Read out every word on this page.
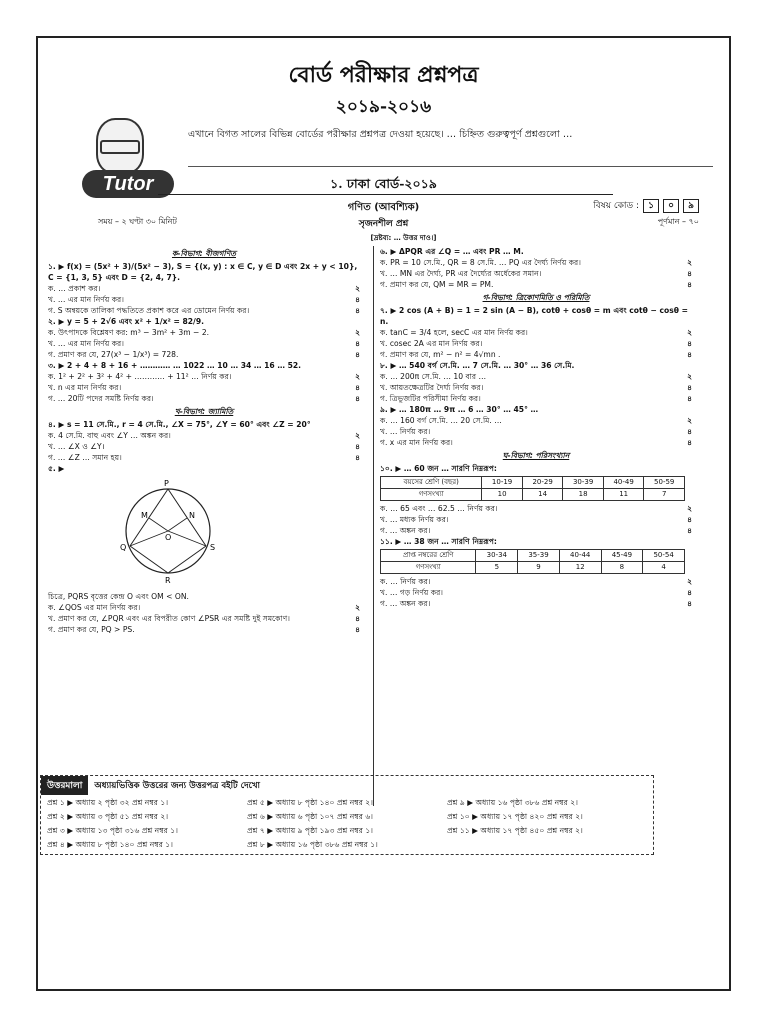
বোর্ড পরীক্ষার প্রশ্নপত্র
২০১৯-২০১৬
Tutor
এখানে বিগত সালের বিভিন্ন বোর্ডের পরীক্ষার প্রশ্নপত্র দেওয়া হয়েছে। … চিহ্নিত গুরুত্বপূর্ণ প্রশ্নগুলো …
১. ঢাকা বোর্ড-২০১৯
গণিত (আবশ্যিক)	বিষয় কোড :	১	০	৯
সময় – ২ ঘণ্টা ৩০ মিনিট	সৃজনশীল প্রশ্ন	পূর্ণমান – ৭০
[দ্রষ্টব্য: … উত্তর দাও।]
ক-বিভাগ: বীজগণিত
১. ▶ f(x) = (5x² + 3)/(5x² − 3), S = {(x, y) : x ∈ C, y ∈ D এবং 2x + y < 10}, C = {1, 3, 5} এবং D = {2, 4, 7}.
ক. … প্রকাশ কর।	২
খ. … এর মান নির্ণয় কর।	৪
গ. S অন্বয়কে তালিকা পদ্ধতিতে প্রকাশ করে এর ডোমেন নির্ণয় কর।	৪
২. ▶ y = 5 + 2√6 এবং x² + 1/x² = 82/9.
ক. উৎপাদকে বিশ্লেষণ কর: m³ − 3m² + 3m − 2.	২
খ. … এর মান নির্ণয় কর।	৪
গ. প্রমাণ কর যে, 27(x³ − 1/x³) = 728.	৪
৩. ▶ 2 + 4 + 8 + 16 + ………… … 1022 … 10 … 34 … 16 … 52.
ক. 1² + 2² + 3² + 4² + ………… + 11² … নির্ণয় কর।	২
খ. n এর মান নির্ণয় কর।	৪
গ. … 20টি পদের সমষ্টি নির্ণয় কর।	৪
খ-বিভাগ: জ্যামিতি
৪. ▶ s = 11 সে.মি., r = 4 সে.মি., ∠X = 75°, ∠Y = 60° এবং ∠Z = 20°
ক. 4 সে.মি. বাহু এবং ∠Y … অঙ্কন কর।	২
খ. … ∠X ও ∠Y।	৪
গ. … ∠Z … সমান হয়।	৪
৫. ▶
P
Q
R
S
M	N
O
চিত্রে, PQRS বৃত্তের কেন্দ্র O এবং OM < ON.
ক. ∠QOS এর মান নির্ণয় কর।	২
খ. প্রমাণ কর যে, ∠PQR এবং এর বিপরীত কোণ ∠PSR এর সমষ্টি দুই সমকোণ।	৪
গ. প্রমাণ কর যে, PQ > PS.	৪
৬. ▶ ΔPQR এর ∠Q = … এবং PR … M.
ক. PR = 10 সে.মি., QR = 8 সে.মি. … PQ এর দৈর্ঘ্য নির্ণয় কর।	২
খ. … MN এর দৈর্ঘ্য, PR এর দৈর্ঘ্যের অর্ধেকের সমান।	৪
গ. প্রমাণ কর যে, QM = MR = PM.	৪
গ-বিভাগ: ত্রিকোণমিতি ও পরিমিতি
৭. ▶ 2 cos (A + B) = 1 = 2 sin (A − B), cotθ + cosθ = m এবং cotθ − cosθ = n.
ক. tanC = 3/4 হলে, secC এর মান নির্ণয় কর।	২
খ. cosec 2A এর মান নির্ণয় কর।	৪
গ. প্রমাণ কর যে, m² − n² = 4√mn .	৪
৮. ▶ … 540 বর্গ সে.মি. … 7 সে.মি. … 30° … 36 সে.মি.
ক. … 200π সে.মি. … 10 বার …	২
খ. আয়তক্ষেত্রটির দৈর্ঘ্য নির্ণয় কর।	৪
গ. ত্রিভুজটির পরিসীমা নির্ণয় কর।	৪
৯. ▶ … 180π … 9π … 6 … 30° … 45° …
ক. … 160 বর্গ সে.মি. … 20 সে.মি. …	২
খ. … নির্ণয় কর।	৪
গ. x এর মান নির্ণয় কর।	৪
ঘ-বিভাগ: পরিসংখ্যান
১০. ▶ … 60 জন … সারণি নিম্নরূপ:
বয়সের শ্রেণি (বছর)	10-19	20-29	30-39	40-49	50-59
গণসংখ্যা	10	14	18	11	7
ক. … 65 এবং … 62.5 … নির্ণয় কর।	২
খ. … মধ্যক নির্ণয় কর।	৪
গ. … অঙ্কন কর।	৪
১১. ▶ … 38 জন … সারণি নিম্নরূপ:
প্রাপ্ত নম্বরের শ্রেণি	30-34	35-39	40-44	45-49	50-54
গণসংখ্যা	5	9	12	8	4
ক. … নির্ণয় কর।	২
খ. … গড় নির্ণয় কর।	৪
গ. … অঙ্কন কর।	৪
উত্তরমালা	অধ্যায়ভিত্তিক উত্তরের জন্য উত্তরপত্র বইটি দেখো
প্রশ্ন ১ ▶ অধ্যায় ২ পৃষ্ঠা ৩২ প্রশ্ন নম্বর ১।	প্রশ্ন ৫ ▶ অধ্যায় ৮ পৃষ্ঠা ১৪০ প্রশ্ন নম্বর ২।	প্রশ্ন ৯ ▶ অধ্যায় ১৬ পৃষ্ঠা ৩৮৬ প্রশ্ন নম্বর ২।
প্রশ্ন ২ ▶ অধ্যায় ৩ পৃষ্ঠা ৫১ প্রশ্ন নম্বর ২।	প্রশ্ন ৬ ▶ অধ্যায় ৬ পৃষ্ঠা ১০৭ প্রশ্ন নম্বর ৬।	প্রশ্ন ১০ ▶ অধ্যায় ১৭ পৃষ্ঠা ৪২০ প্রশ্ন নম্বর ২।
প্রশ্ন ৩ ▶ অধ্যায় ১৩ পৃষ্ঠা ৩১৬ প্রশ্ন নম্বর ১।	প্রশ্ন ৭ ▶ অধ্যায় ৯ পৃষ্ঠা ১৯৩ প্রশ্ন নম্বর ১।	প্রশ্ন ১১ ▶ অধ্যায় ১৭ পৃষ্ঠা ৪৫০ প্রশ্ন নম্বর ২।
প্রশ্ন ৪ ▶ অধ্যায় ৮ পৃষ্ঠা ১৪০ প্রশ্ন নম্বর ১।	প্রশ্ন ৮ ▶ অধ্যায় ১৬ পৃষ্ঠা ৩৮৬ প্রশ্ন নম্বর ১।
